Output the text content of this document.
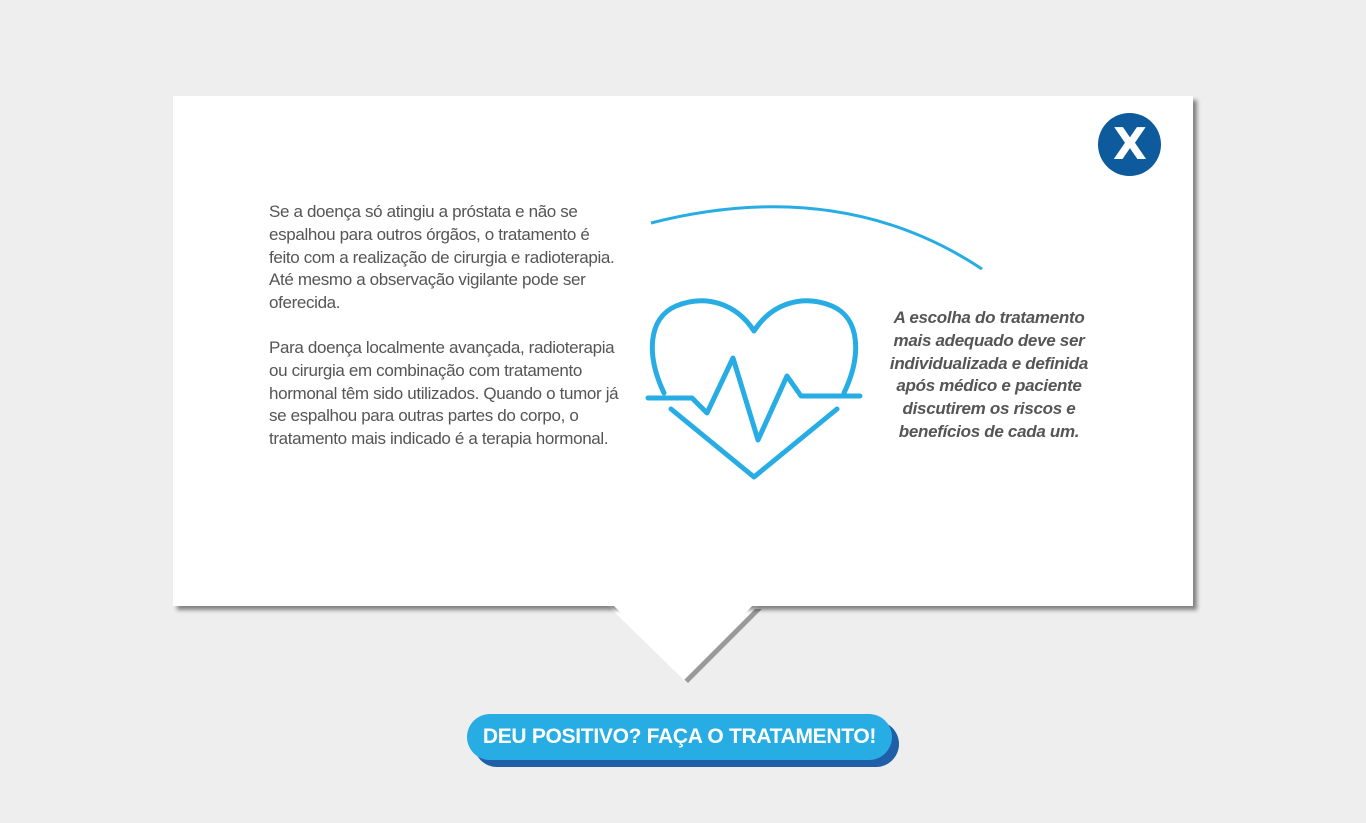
X

Se a doença só atingiu a próstata e não se espalhou para outros órgãos, o tratamento é feito com a realização de cirurgia e radioterapia. Até mesmo a observação vigilante pode ser oferecida.

Para doença localmente avançada, radioterapia ou cirurgia em combinação com tratamento hormonal têm sido utilizados. Quando o tumor já se espalhou para outras partes do corpo, o tratamento mais indicado é a terapia hormonal.

A escolha do tratamento mais adequado deve ser individualizada e definida após médico e paciente discutirem os riscos e benefícios de cada um.
DEU POSITIVO? FAÇA O TRATAMENTO!
